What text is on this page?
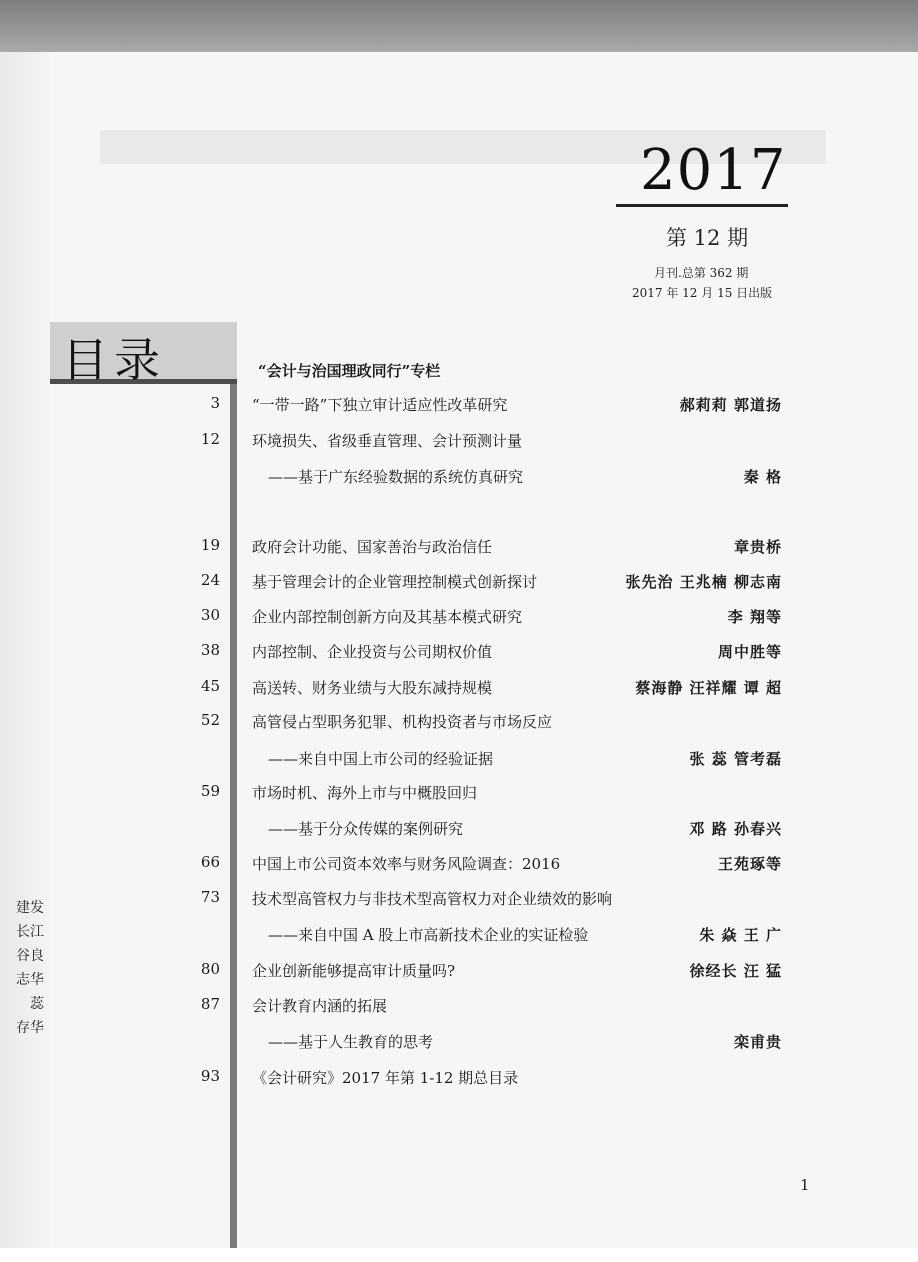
2017
第 12 期
月刊.总第 362 期
2017 年 12 月 15 日出版
目录	“会计与治国理政同行”专栏
3 “一带一路”下独立审计适应性改革研究	郝莉莉 郭道扬
12 环境损失、省级垂直管理、会计预测计量
——基于广东经验数据的系统仿真研究	秦 格
19 政府会计功能、国家善治与政治信任	章贵桥
24 基于管理会计的企业管理控制模式创新探讨	张先治 王兆楠 柳志南
30 企业内部控制创新方向及其基本模式研究	李 翔等
38 内部控制、企业投资与公司期权价值	周中胜等
45 高送转、财务业绩与大股东减持规模	蔡海静 汪祥耀 谭 超
52 高管侵占型职务犯罪、机构投资者与市场反应
——来自中国上市公司的经验证据	张 蕊 管考磊
59 市场时机、海外上市与中概股回归
——基于分众传媒的案例研究	邓 路 孙春兴
66 中国上市公司资本效率与财务风险调查：2016	王苑琢等
73 技术型高管权力与非技术型高管权力对企业绩效的影响
——来自中国 A 股上市高新技术企业的实证检验	朱 焱 王 广
80 企业创新能够提高审计质量吗?	徐经长 汪 猛
87 会计教育内涵的拓展
——基于人生教育的思考	栾甫贵
93 《会计研究》2017 年第 1-12 期总目录
建发
长江
谷良
志华
蕊
存华
1
